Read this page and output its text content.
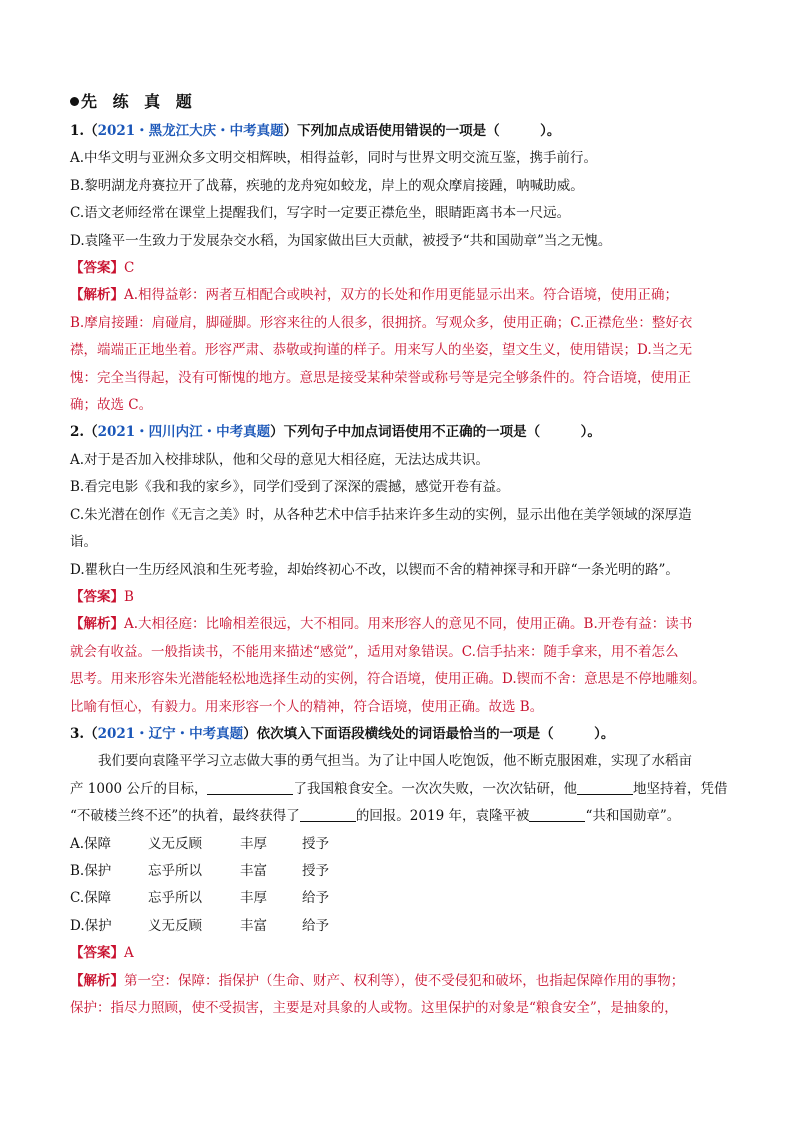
先 练 真 题
1.（2021・黑龙江大庆・中考真题）下列加点成语使用错误的一项是（　　　）。
A.中华文明与亚洲众多文明交相辉映，相得益彰，同时与世界文明交流互鉴，携手前行。
B.黎明湖龙舟赛拉开了战幕，疾驰的龙舟宛如蛟龙，岸上的观众摩肩接踵，呐喊助威。
C.语文老师经常在课堂上提醒我们，写字时一定要正襟危坐，眼睛距离书本一尺远。
D.袁隆平一生致力于发展杂交水稻，为国家做出巨大贡献，被授予“共和国勋章”当之无愧。
【答案】C
【解析】A.相得益彰：两者互相配合或映衬，双方的长处和作用更能显示出来。符合语境，使用正确；
B.摩肩接踵：肩碰肩，脚碰脚。形容来往的人很多，很拥挤。写观众多，使用正确；C.正襟危坐：整好衣
襟，端端正正地坐着。形容严肃、恭敬或拘谨的样子。用来写人的坐姿，望文生义，使用错误；D.当之无
愧：完全当得起，没有可惭愧的地方。意思是接受某种荣誉或称号等是完全够条件的。符合语境，使用正
确；故选 C。
2.（2021・四川内江・中考真题）下列句子中加点词语使用不正确的一项是（　　　）。
A.对于是否加入校排球队，他和父母的意见大相径庭，无法达成共识。
B.看完电影《我和我的家乡》，同学们受到了深深的震撼，感觉开卷有益。
C.朱光潜在创作《无言之美》时，从各种艺术中信手拈来许多生动的实例，显示出他在美学领域的深厚造
诣。
D.瞿秋白一生历经风浪和生死考验，却始终初心不改，以锲而不舍的精神探寻和开辟“一条光明的路”。
【答案】B
【解析】A.大相径庭：比喻相差很远，大不相同。用来形容人的意见不同，使用正确。B.开卷有益：读书
就会有收益。一般指读书，不能用来描述“感觉”，适用对象错误。C.信手拈来：随手拿来，用不着怎么
思考。用来形容朱光潜能轻松地选择生动的实例，符合语境，使用正确。D.锲而不舍：意思是不停地雕刻。
比喻有恒心，有毅力。用来形容一个人的精神，符合语境，使用正确。故选 B。
3.（2021・辽宁・中考真题）依次填入下面语段横线处的词语最恰当的一项是（　　　）。
我们要向袁隆平学习立志做大事的勇气担当。为了让中国人吃饱饭，他不断克服困难，实现了水稻亩
产 1000 公斤的目标，	了我国粮食安全。一次次失败，一次次钻研，他	地坚持着，凭借
“不破楼兰终不还”的执着，最终获得了	的回报。2019 年，袁隆平被	“共和国勋章”。
A.保障	义无反顾	丰厚	授予
B.保护	忘乎所以	丰富	授予
C.保障	忘乎所以	丰厚	给予
D.保护	义无反顾	丰富	给予
【答案】A
【解析】第一空：保障：指保护（生命、财产、权利等），使不受侵犯和破坏，也指起保障作用的事物；
保护：指尽力照顾，使不受损害，主要是对具象的人或物。这里保护的对象是“粮食安全”，是抽象的，
